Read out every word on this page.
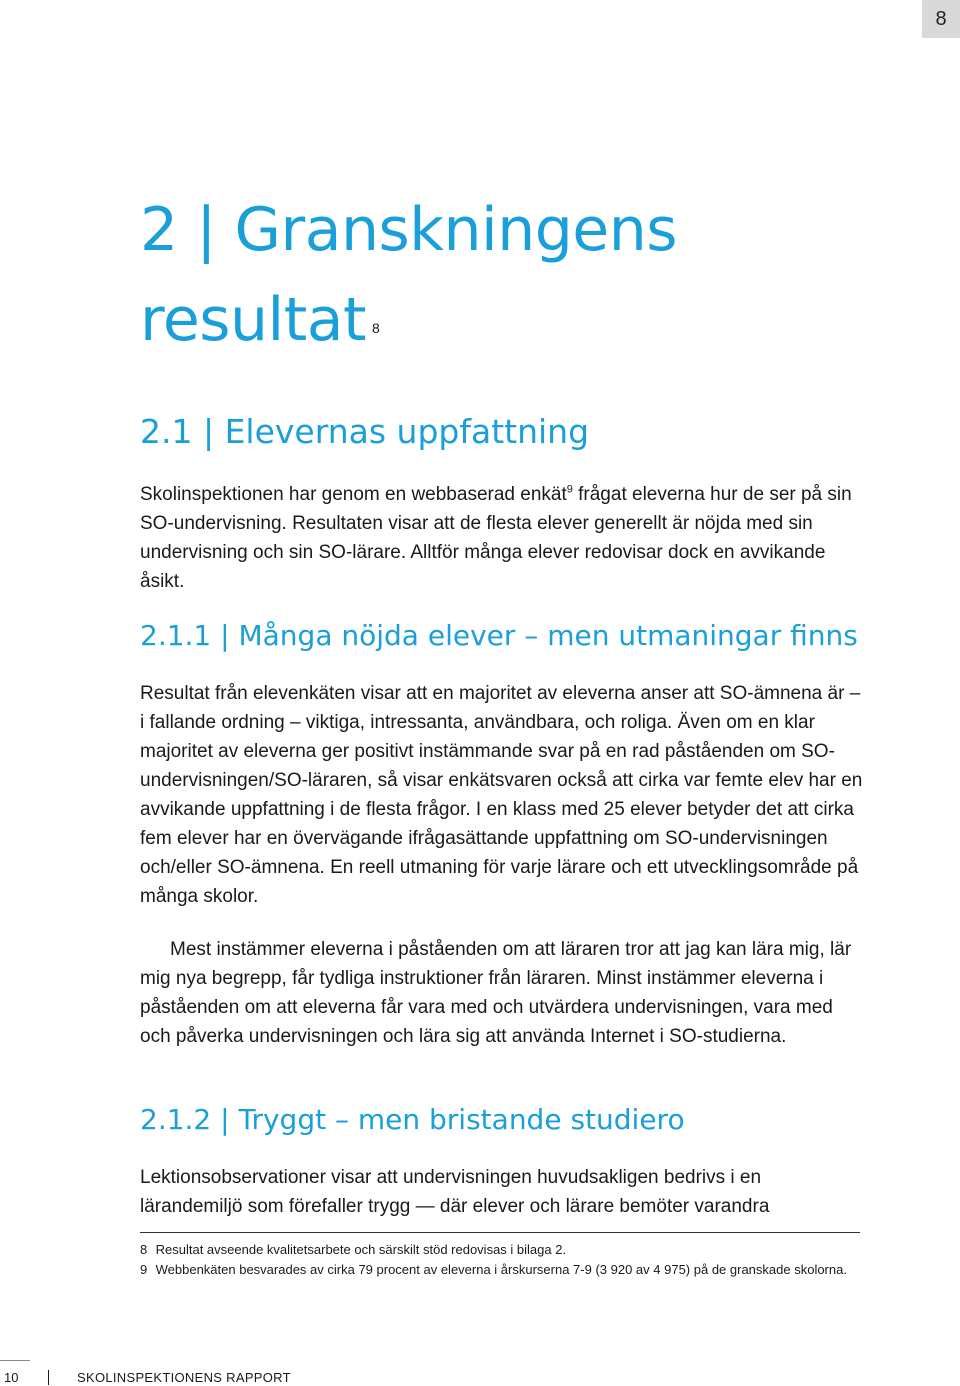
8
2 | Granskningens
resultat $^8$
2.1 | Elevernas uppfattning

Skolinspektionen har genom en webbaserad enkät$^9$ frågat eleverna hur de ser på sin SO-undervisning. Resultaten visar att de flesta elever generellt är nöjda med sin undervisning och sin SO-lärare. Alltför många elever redovisar dock en avvikande åsikt.

2.1.1 | Många nöjda elever – men utmaningar finns

Resultat från elevenkäten visar att en majoritet av eleverna anser att SO-ämnena är – i fallande ordning – viktiga, intressanta, användbara, och roliga. Även om en klar majoritet av eleverna ger positivt instämmande svar på en rad påståenden om SO-undervisningen/SO-läraren, så visar enkätsvaren också att cirka var femte elev har en avvikande uppfattning i de flesta frågor. I en klass med 25 elever betyder det att cirka fem elever har en övervägande ifrågasättande uppfattning om SO-undervisningen och/eller SO-ämnena. En reell utmaning för varje lärare och ett utvecklingsområde på många skolor.

Mest instämmer eleverna i påståenden om att läraren tror att jag kan lära mig, lär mig nya begrepp, får tydliga instruktioner från läraren. Minst instämmer eleverna i påståenden om att eleverna får vara med och utvärdera undervisningen, vara med och påverka undervisningen och lära sig att använda Internet i SO-studierna.

2.1.2 | Tryggt – men bristande studiero

Lektionsobservationer visar att undervisningen huvudsakligen bedrivs i en lärandemiljö som förefaller trygg — där elever och lärare bemöter varandra

8 Resultat avseende kvalitetsarbete och särskilt stöd redovisas i bilaga 2.

9 Webbenkäten besvarades av cirka 79 procent av eleverna i årskurserna 7-9 (3 920 av 4 975) på de granskade skolorna.

10	SKOLINSPEKTIONENS RAPPORT
